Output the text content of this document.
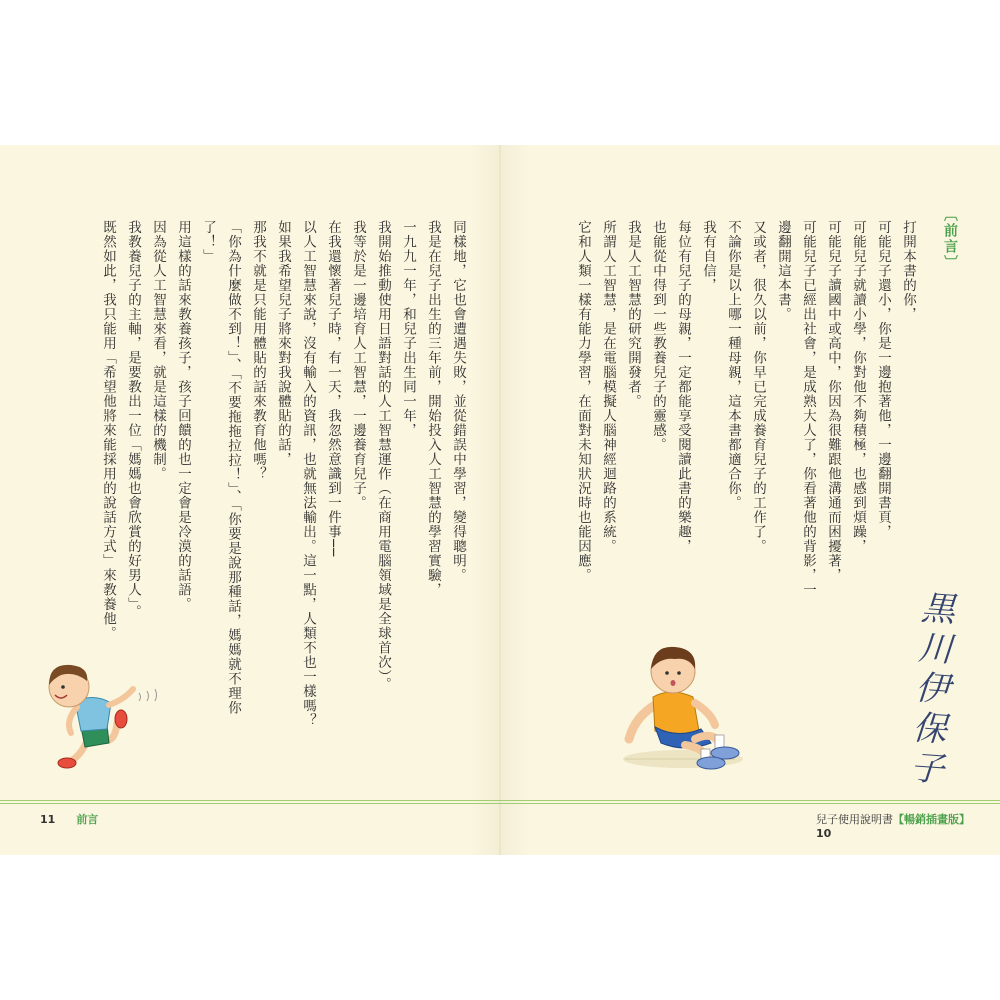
〔前言〕

打開本書的你，

可能兒子還小，你是一邊抱著他，一邊翻開書頁，

可能兒子就讀小學，你對他不夠積極，也感到煩躁，

可能兒子讀國中或高中，你因為很難跟他溝通而困擾著，

可能兒子已經出社會，是成熟大人了，你看著他的背影，一邊翻開這本書。

又或者，很久以前，你早已完成養育兒子的工作了。

不論你是以上哪一種母親，這本書都適合你。

我有自信，

每位有兒子的母親，一定都能享受閱讀此書的樂趣，

也能從中得到一些教養兒子的靈感。

我是人工智慧的研究開發者。

所謂人工智慧，是在電腦模擬人腦神經迴路的系統。

它和人類一樣有能力學習，在面對未知狀況時也能因應。

黒川伊保子

同樣地，它也會遭遇失敗，並從錯誤中學習，變得聰明。

我是在兒子出生的三年前，開始投入人工智慧的學習實驗，

一九九一年，和兒子出生同一年，

我開始推動使用日語對話的人工智慧運作（在商用電腦領域是全球首次）。

我等於是一邊培育人工智慧，一邊養育兒子。

在我還懷著兒子時，有一天，我忽然意識到一件事──

以人工智慧來說，沒有輸入的資訊，也就無法輸出。這一點，人類不也一樣嗎？

如果我希望兒子將來對我說體貼的話，

那我不就是只能用體貼的話來教育他嗎？

「你為什麼做不到！」、「不要拖拖拉拉！」、「你要是說那種話，媽媽就不理你了！」

用這樣的話來教養孩子，孩子回饋的也一定會是冷漠的話語。

因為從人工智慧來看，就是這樣的機制。

我教養兒子的主軸，是要教出一位「媽媽也會欣賞的好男人」。

既然如此，我只能用「希望他將來能採用的說話方式」來教養他。

11 前言	兒子使用說明書【暢銷插畫版】  10
